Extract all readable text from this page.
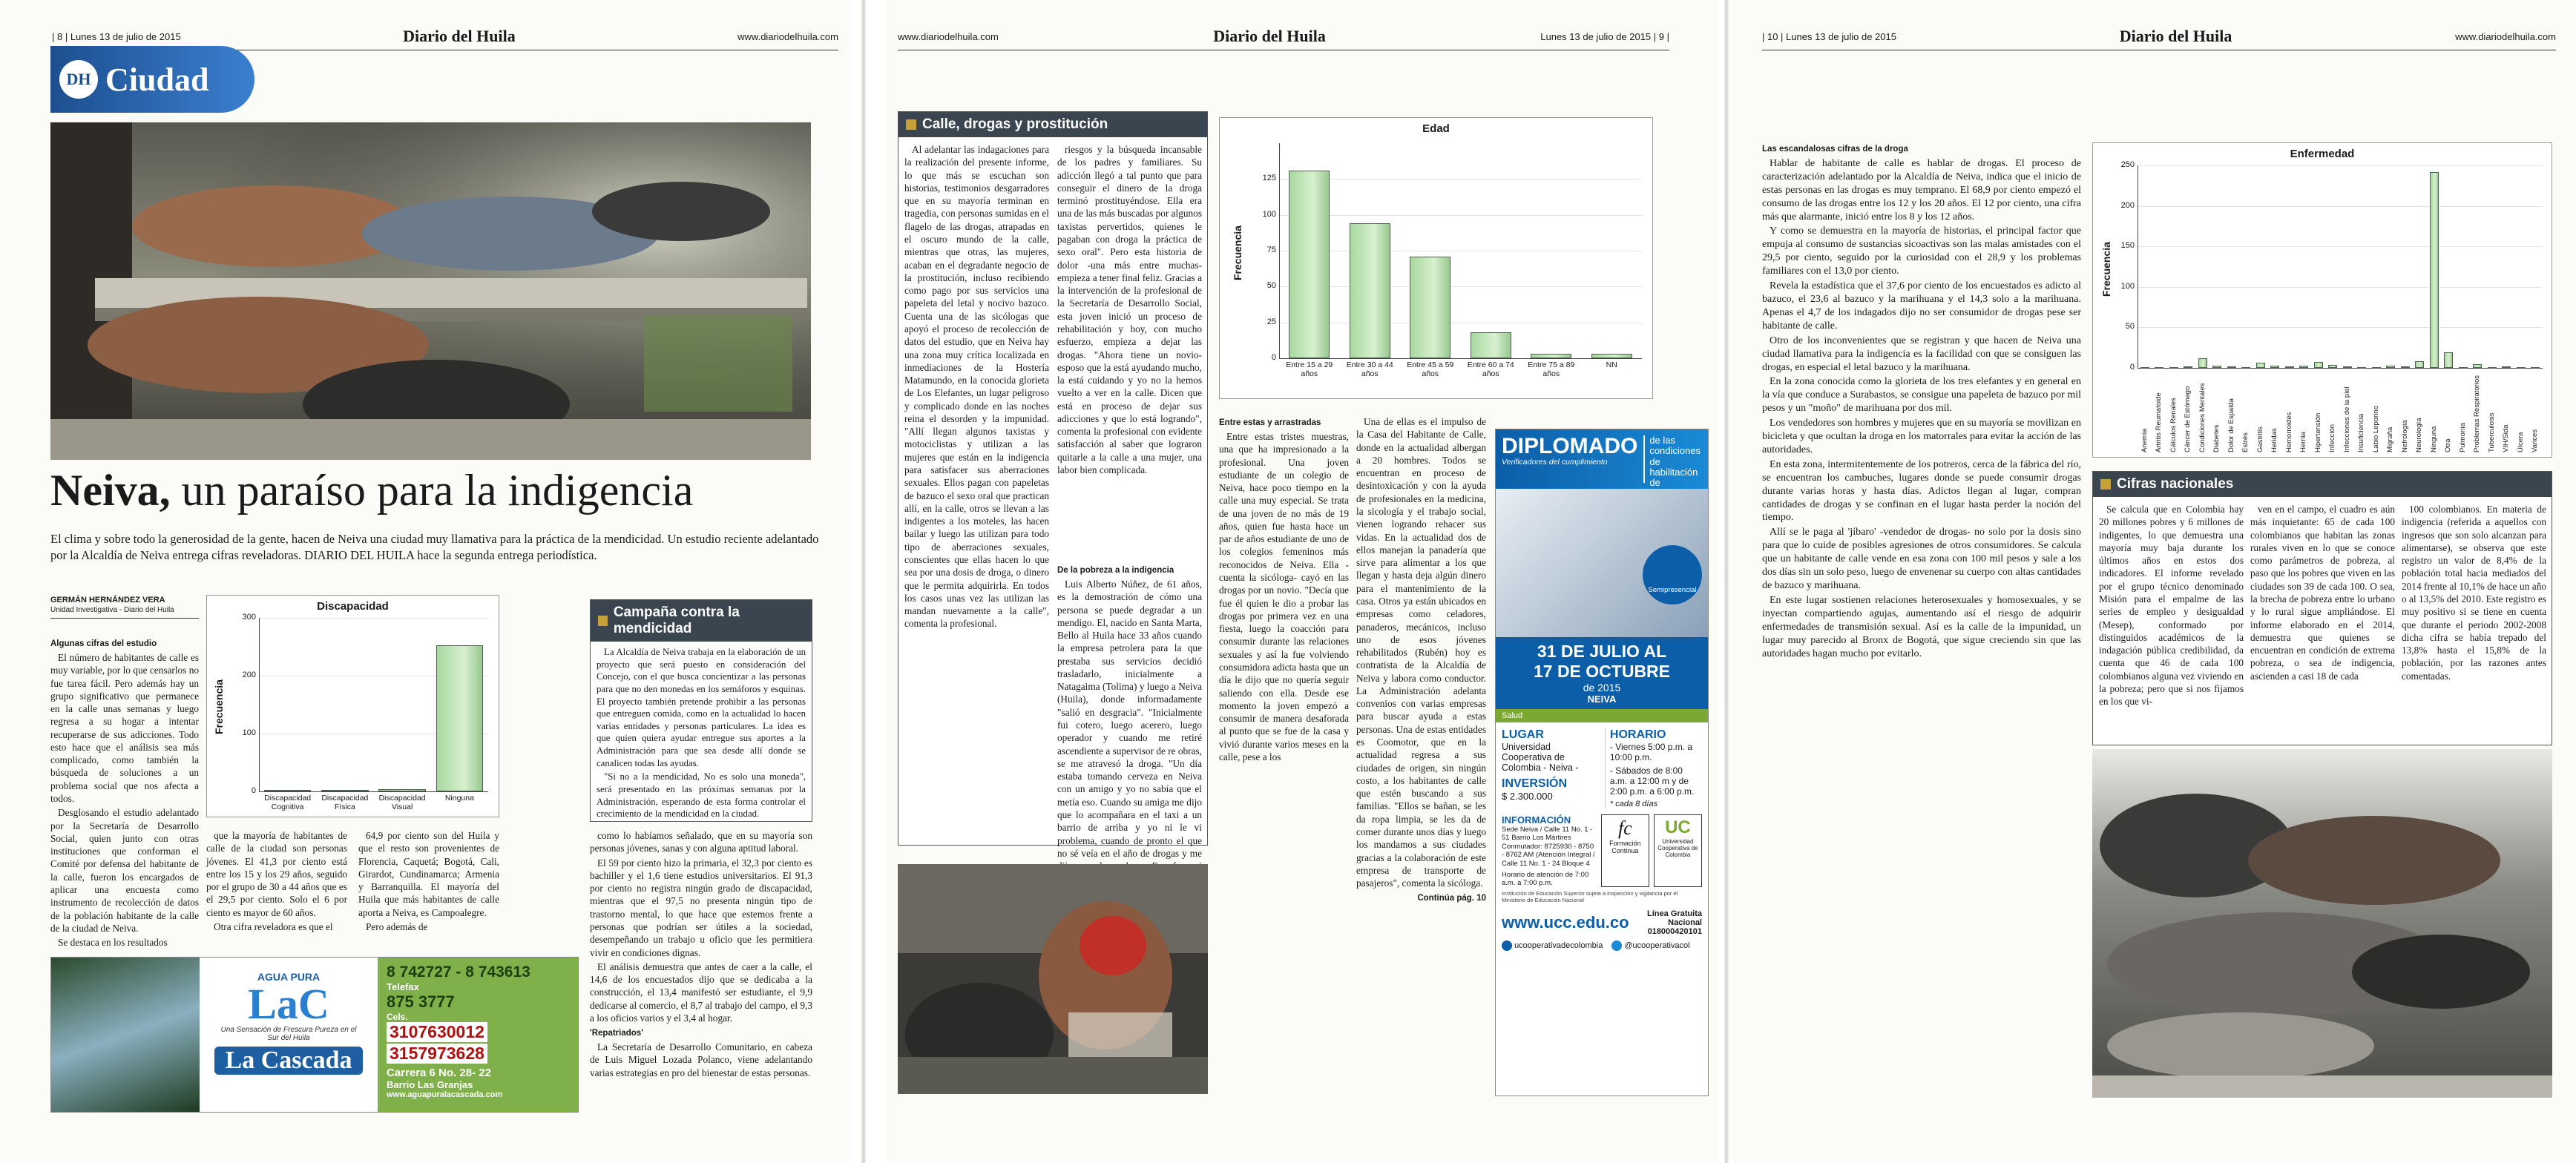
| 8 | Lunes 13 de julio de 2015	Diario del Huila	www.diariodelhuila.com
DH Ciudad
Neiva, un paraíso para la indigencia
El clima y sobre todo la generosidad de la gente, hacen de Neiva una ciudad muy llamativa para la práctica de la mendicidad. Un estudio reciente adelantado por la Alcaldía de Neiva entrega cifras reveladoras. DIARIO DEL HUILA hace la segunda entrega periodística.
GERMÁN HERNÁNDEZ VERA
Unidad Investigativa - Diario del Huila

Algunas cifras del estudio

El número de habitantes de calle es muy variable, por lo que censarlos no fue tarea fácil. Pero además hay un grupo significativo que permanece en la calle unas semanas y luego regresa a su hogar a intentar recuperarse de sus adicciones. Todo esto hace que el análisis sea más complicado, como también la búsqueda de soluciones a un problema social que nos afecta a todos.

Desglosando el estudio adelantado por la Secretaría de Desarrollo Social, quien junto con otras instituciones que conforman el Comité por defensa del habitante de la calle, fueron los encargados de aplicar una encuesta como instrumento de recolección de datos de la población habitante de la calle de la ciudad de Neiva.

Se destaca en los resultados

Discapacidad
Frecuencia
300
200
100
0
Discapacidad Cognitiva
Discapacidad Física
Discapacidad Visual
Ninguna

que la mayoría de habitantes de calle de la ciudad son personas jóvenes. El 41,3 por ciento está entre los 15 y los 29 años, seguido por el grupo de 30 a 44 años que es el 29,5 por ciento. Solo el 6 por ciento es mayor de 60 años.

Otra cifra reveladora es que el

64,9 por ciento son del Huila y que el resto son provenientes de Florencia, Caquetá; Bogotá, Cali, Girardot, Cundinamarca; Armenia y Barranquilla. El mayoría del Huila que más habitantes de calle aporta a Neiva, es Campoalegre.

Pero además de

Campaña contra la mendicidad

La Alcaldía de Neiva trabaja en la elaboración de un proyecto que será puesto en consideración del Concejo, con el que busca concientizar a las personas para que no den monedas en los semáforos y esquinas. El proyecto también pretende prohibir a las personas que entreguen comida, como en la actualidad lo hacen varias entidades y personas particulares. La idea es que quien quiera ayudar entregue sus aportes a la Administración para que sea desde allí donde se canalicen todas las ayudas.

"Si no a la mendicidad, No es solo una moneda", será presentado en las próximas semanas por la Administración, esperando de esta forma controlar el crecimiento de la mendicidad en la ciudad.

como lo habíamos señalado, que en su mayoría son personas jóvenes, sanas y con alguna aptitud laboral.

El 59 por ciento hizo la primaria, el 32,3 por ciento es bachiller y el 1,6 tiene estudios universitarios. El 91,3 por ciento no registra ningún grado de discapacidad, mientras que el 97,5 no presenta ningún tipo de trastorno mental, lo que hace que estemos frente a personas que podrían ser útiles a la sociedad, desempeñando un trabajo u oficio que les permitiera vivir en condiciones dignas.

El análisis demuestra que antes de caer a la calle, el 14,6 de los encuestados dijo que se dedicaba a la construcción, el 13,4 manifestó ser estudiante, el 9,9 dedicarse al comercio, el 8,7 al trabajo del campo, el 9,3 a los oficios varios y el 3,4 al hogar.

'Repatriados'

La Secretaría de Desarrollo Comunitario, en cabeza de Luis Miguel Lozada Polanco, viene adelantando varias estrategias en pro del bienestar de estas personas.

AGUA PURA
LaC
Una Sensación de Frescura Pureza en el Sur del Huila
La Cascada
8 742727 - 8 743613
Telefax
875 3777
Cels.
3107630012
3157973628
Carrera 6 No. 28- 22
Barrio Las Granjas
www.aguapuralacascada.com
www.diariodelhuila.com	Diario del Huila	Lunes 13 de julio de 2015 | 9 |
Calle, drogas y prostitución
Al adelantar las indagaciones para la realización del presente informe, lo que más se escuchan son historias, testimonios desgarradores que en su mayoría terminan en tragedia, con personas sumidas en el flagelo de las drogas, atrapadas en el oscuro mundo de la calle, mientras que otras, las mujeres, acaban en el degradante negocio de la prostitución, incluso recibiendo como pago por sus servicios una papeleta del letal y nocivo bazuco. Cuenta una de las sicólogas que apoyó el proceso de recolección de datos del estudio, que en Neiva hay una zona muy crítica localizada en inmediaciones de la Hostería Matamundo, en la conocida glorieta de Los Elefantes, un lugar peligroso y complicado donde en las noches reina el desorden y la impunidad. "Allí llegan algunos taxistas y motociclistas y utilizan a las mujeres que están en la indigencia para satisfacer sus aberraciones sexuales. Ellos pagan con papeletas de bazuco el sexo oral que practican allí, en la calle, otros se llevan a las indigentes a los moteles, las hacen bailar y luego las utilizan para todo tipo de aberraciones sexuales, conscientes que ellas hacen lo que sea por una dosis de droga, o dinero que le permita adquirirla. En todos los casos unas vez las utilizan las mandan nuevamente a la calle", comenta la profesional.
riesgos y la búsqueda incansable de los padres y familiares. Su adicción llegó a tal punto que para conseguir el dinero de la droga terminó prostituyéndose. Ella era una de las más buscadas por algunos taxistas pervertidos, quienes le pagaban con droga la práctica de sexo oral". Pero esta historia de dolor -una más entre muchas- empieza a tener final feliz. Gracias a la intervención de la profesional de la Secretaría de Desarrollo Social, esta joven inició un proceso de rehabilitación y hoy, con mucho esfuerzo, empieza a dejar las drogas. "Ahora tiene un novio-esposo que la está ayudando mucho, la está cuidando y yo no la hemos vuelto a ver en la calle. Dicen que está en proceso de dejar sus adicciones y que lo está logrando", comenta la profesional con evidente satisfacción al saber que lograron quitarle a la calle a una mujer, una labor bien complicada.

De la pobreza a la indigencia

Luis Alberto Núñez, de 61 años, es la demostración de cómo una persona se puede degradar a un mendigo. El, nacido en Santa Marta, Bello al Huila hace 33 años cuando la empresa petrolera para la que prestaba sus servicios decidió trasladarlo, inicialmente a Natagaima (Tolima) y luego a Neiva (Huila), donde informadamente "salió en desgracia". "Inicialmente fui cotero, luego acerero, luego operador y cuando me retiré ascendiente a supervisor de re obras, se me atravesó la droga. "Un día estaba tomando cerveza en Neiva con un amigo y yo no sabía que el metía eso. Cuando su amiga me dijo que lo acompañara en el taxi a un barrio de arriba y yo ni le vi problema, cuando de pronto el que no sé veía en el año de drogas y me

Edad
Frecuencia
125
100
75
50
25
0
Entre 15 a 29 años
Entre 30 a 44 años
Entre 45 a 59 años
Entre 60 a 74 años
Entre 75 a 89 años
NN

Entre estas y arrastradas

Entre estas tristes muestras, una que ha impresionado a la profesional. Una joven estudiante de un colegio de Neiva, hace poco tiempo en la calle una muy especial. Se trata de una joven de no más de 19 años, quien fue hasta hace un par de años estudiante de uno de los colegios femeninos más reconocidos de Neiva. Ella -cuenta la sicóloga- cayó en las drogas por un novio. "Decía que fue él quien le dio a probar las drogas por primera vez en una fiesta, luego la coacción para consumir durante las relaciones sexuales y así la fue volviendo consumidora adicta hasta que un día le dijo que no quería seguir saliendo con ella. Desde ese momento la joven empezó a consumir de manera desaforada al punto que se fue de la casa y vivió durante varios meses en la calle, pese a los

Una de ellas es el impulso de la Casa del Habitante de Calle, donde en la actualidad albergan a 20 hombres. Todos se encuentran en proceso de desintoxicación y con la ayuda de profesionales en la medicina, la sicología y el trabajo social, vienen logrando rehacer sus vidas. En la actualidad dos de ellos manejan la panadería que sirve para alimentar a los que llegan y hasta deja algún dinero para el mantenimiento de la casa. Otros ya están ubicados en empresas como celadores, panaderos, mecánicos, incluso uno de esos jóvenes rehabilitados (Rubén) hoy es contratista de la Alcaldía de Neiva y labora como conductor. La Administración adelanta convenios con varias empresas para buscar ayuda a estas personas. Una de estas entidades es Coomotor, que en la actualidad regresa a sus ciudades de origen, sin ningún costo, a los habitantes de calle que estén buscando a sus familias. "Ellos se bañan, se les da ropa limpia, se les da de comer durante unos días y luego los mandamos a sus ciudades gracias a la colaboración de este empresa de transporte de pasajeros", comenta la sicóloga.

Continúa pág. 10

DIPLOMADO
Verificadores del cumplimiento
de las condiciones de habilitación de
Semipresencial
31 DE JULIO AL
17 DE OCTUBRE
de 2015
NEIVA
Salud
LUGAR
Universidad Cooperativa de Colombia - Neiva -
INVERSIÓN
$ 2.300.000
HORARIO
- Viernes 5:00 p.m. a 10:00 p.m.
- Sábados de 8:00 a.m. a 12:00 m y de 2:00 p.m. a 6:00 p.m.
* cada 8 días
INFORMACIÓN
Sede Neiva / Calle 11 No. 1 - 51 Barrio Los Mártires Conmutador: 8725930 - 8750 - 8762 AM (Atención Integral / Calle 11 No. 1 - 24 Bloque 4
Horario de atención de 7:00 a.m. a 7:00 p.m.
fc
Formación Continua
UC
Universidad Cooperativa de Colombia
Institución de Educación Superior sujeta a inspección y vigilancia por el Ministerio de Educación Nacional
www.ucc.edu.co	Línea Gratuita Nacional 018000420101
ucooperativadecolombia	@ucooperativacol
| 10 | Lunes 13 de julio de 2015	Diario del Huila	www.diariodelhuila.com

Las escandalosas cifras de la droga

Hablar de habitante de calle es hablar de drogas. El proceso de caracterización adelantado por la Alcaldía de Neiva, indica que el inicio de estas personas en las drogas es muy temprano. El 68,9 por ciento empezó el consumo de las drogas entre los 12 y los 20 años. El 12 por ciento, una cifra más que alarmante, inició entre los 8 y los 12 años.

Y como se demuestra en la mayoría de historias, el principal factor que empuja al consumo de sustancias sicoactivas son las malas amistades con el 29,5 por ciento, seguido por la curiosidad con el 28,9 y los problemas familiares con el 13,0 por ciento.

Revela la estadística que el 37,6 por ciento de los encuestados es adicto al bazuco, el 23,6 al bazuco y la marihuana y el 14,3 solo a la marihuana. Apenas el 4,7 de los indagados dijo no ser consumidor de drogas pese ser habitante de calle.

Otro de los inconvenientes que se registran y que hacen de Neiva una ciudad llamativa para la indigencia es la facilidad con que se consiguen las drogas, en especial el letal bazuco y la marihuana.

En la zona conocida como la glorieta de los tres elefantes y en general en la vía que conduce a Surabastos, se consigue una papeleta de bazuco por mil pesos y un "moño" de marihuana por dos mil.

Los vendedores son hombres y mujeres que en su mayoría se movilizan en bicicleta y que ocultan la droga en los matorrales para evitar la acción de las autoridades.

En esta zona, intermitentemente de los potreros, cerca de la fábrica del río, se encuentran los cambuches, lugares donde se puede consumir drogas durante varias horas y hasta días. Adictos llegan al lugar, compran cantidades de drogas y se confinan en el lugar hasta perder la noción del tiempo.

Allí se le paga al 'jíbaro' -vendedor de drogas- no solo por la dosis sino para que lo cuide de posibles agresiones de otros consumidores. Se calcula que un habitante de calle vende en esa zona con 100 mil pesos y sale a los dos días sin un solo peso, luego de envenenar su cuerpo con altas cantidades de bazuco y marihuana.

En este lugar sostienen relaciones heterosexuales y homosexuales, y se inyectan compartiendo agujas, aumentando así el riesgo de adquirir enfermedades de transmisión sexual. Así es la calle de la impunidad, un lugar muy parecido al Bronx de Bogotá, que sigue creciendo sin que las autoridades hagan mucho por evitarlo.

Enfermedad
Frecuencia
250
200
150
100
50
0
Anemia Artritis Reumatoide Cálculos Renales Cáncer de Estómago Condiciones Mentales Diabetes Dolor de Espalda Estrés Gastritis Heridas Hemorroides Hernia Hipertensión Infección Infecciones de la piel Insuficiencia Labio Leporino Migraña Nefrología Neurología Ninguna Otra Pulmonía Problemas Respiratorios Tuberculosis VIH/Sida Úlcera Varices
Cifras nacionales
Se calcula que en Colombia hay 20 millones pobres y 6 millones de indigentes, lo que demuestra una mayoría muy baja durante los últimos años en estos dos indicadores. El informe revelado por el grupo técnico denominado Misión para el empalme de las series de empleo y desigualdad (Mesep), conformado por distinguidos académicos de la indagación pública credibilidad, da cuenta que 46 de cada 100 colombianos alguna vez viviendo en la pobreza; pero que si nos fijamos en los que vi-
ven en el campo, el cuadro es aún más inquietante: 65 de cada 100 colombianos que habitan las zonas rurales viven en lo que se conoce como parámetros de pobreza, al paso que los pobres que viven en las ciudades son 39 de cada 100. O sea, la brecha de pobreza entre lo urbano y lo rural sigue ampliándose. El informe elaborado en el 2014, demuestra que quienes se encuentran en condición de extrema pobreza, o sea de indigencia, ascienden a casi 18 de cada
100 colombianos. En materia de indigencia (referida a aquellos con ingresos que son solo alcanzan para alimentarse), se observa que este registro un valor de 8,4% de la población total hacia mediados del 2014 frente al 10,1% de hace un año o al 13,5% del 2010. Este registro es muy positivo si se tiene en cuenta que durante el periodo 2002-2008 dicha cifra se había trepado del 13,8% hasta el 15,8% de la población, por las razones antes comentadas.
